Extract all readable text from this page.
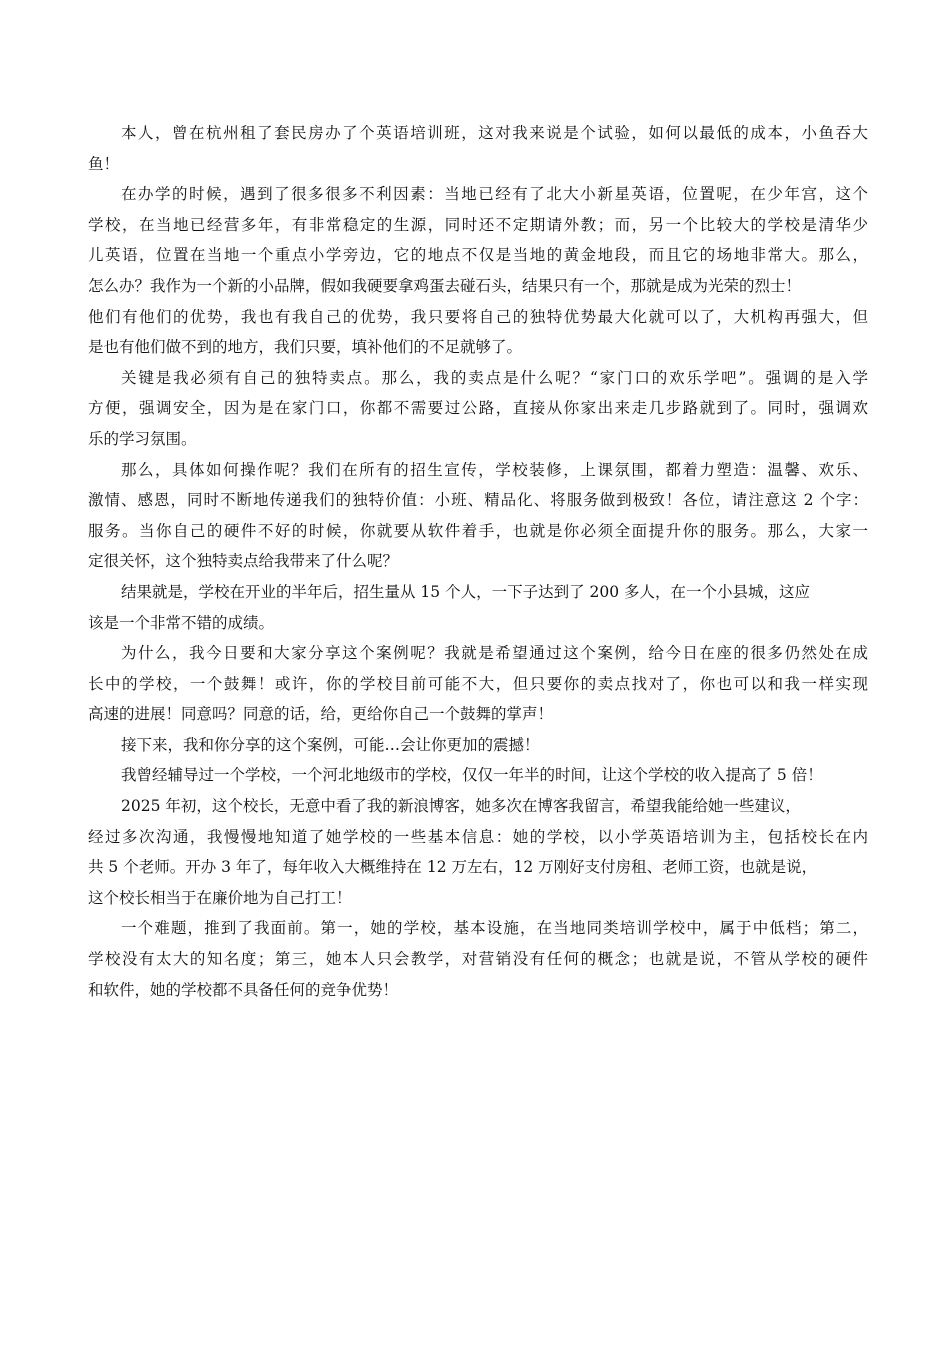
本人，曾在杭州租了套民房办了个英语培训班，这对我来说是个试验，如何以最低的成本，小鱼吞大
鱼！
在办学的时候，遇到了很多很多不利因素：当地已经有了北大小新星英语，位置呢，在少年宫，这个
学校，在当地已经营多年，有非常稳定的生源，同时还不定期请外教；而，另一个比较大的学校是清华少
儿英语，位置在当地一个重点小学旁边，它的地点不仅是当地的黄金地段，而且它的场地非常大。那么，
怎么办？我作为一个新的小品牌，假如我硬要拿鸡蛋去碰石头，结果只有一个，那就是成为光荣的烈士！
他们有他们的优势，我也有我自己的优势，我只要将自己的独特优势最大化就可以了，大机构再强大，但
是也有他们做不到的地方，我们只要，填补他们的不足就够了。
关键是我必须有自己的独特卖点。那么，我的卖点是什么呢？“家门口的欢乐学吧”。强调的是入学
方便，强调安全，因为是在家门口，你都不需要过公路，直接从你家出来走几步路就到了。同时，强调欢
乐的学习氛围。
那么，具体如何操作呢？我们在所有的招生宣传，学校装修，上课氛围，都着力塑造：温馨、欢乐、
激情、感恩，同时不断地传递我们的独特价值：小班、精品化、将服务做到极致！各位，请注意这 2 个字：
服务。当你自己的硬件不好的时候，你就要从软件着手，也就是你必须全面提升你的服务。那么，大家一
定很关怀，这个独特卖点给我带来了什么呢？
结果就是，学校在开业的半年后，招生量从 15 个人，一下子达到了 200 多人，在一个小县城，这应
该是一个非常不错的成绩。
为什么，我今日要和大家分享这个案例呢？我就是希望通过这个案例，给今日在座的很多仍然处在成
长中的学校，一个鼓舞！或许，你的学校目前可能不大，但只要你的卖点找对了，你也可以和我一样实现
高速的进展！同意吗？同意的话，给，更给你自己一个鼓舞的掌声！
接下来，我和你分享的这个案例，可能…会让你更加的震撼！
我曾经辅导过一个学校，一个河北地级市的学校，仅仅一年半的时间，让这个学校的收入提高了 5 倍！
2025 年初，这个校长，无意中看了我的新浪博客，她多次在博客我留言，希望我能给她一些建议，
经过多次沟通，我慢慢地知道了她学校的一些基本信息：她的学校，以小学英语培训为主，包括校长在内
共 5 个老师。开办 3 年了，每年收入大概维持在 12 万左右，12 万刚好支付房租、老师工资，也就是说，
这个校长相当于在廉价地为自己打工！
一个难题，推到了我面前。第一，她的学校，基本设施，在当地同类培训学校中，属于中低档；第二，
学校没有太大的知名度；第三，她本人只会教学，对营销没有任何的概念；也就是说，不管从学校的硬件
和软件，她的学校都不具备任何的竞争优势！
